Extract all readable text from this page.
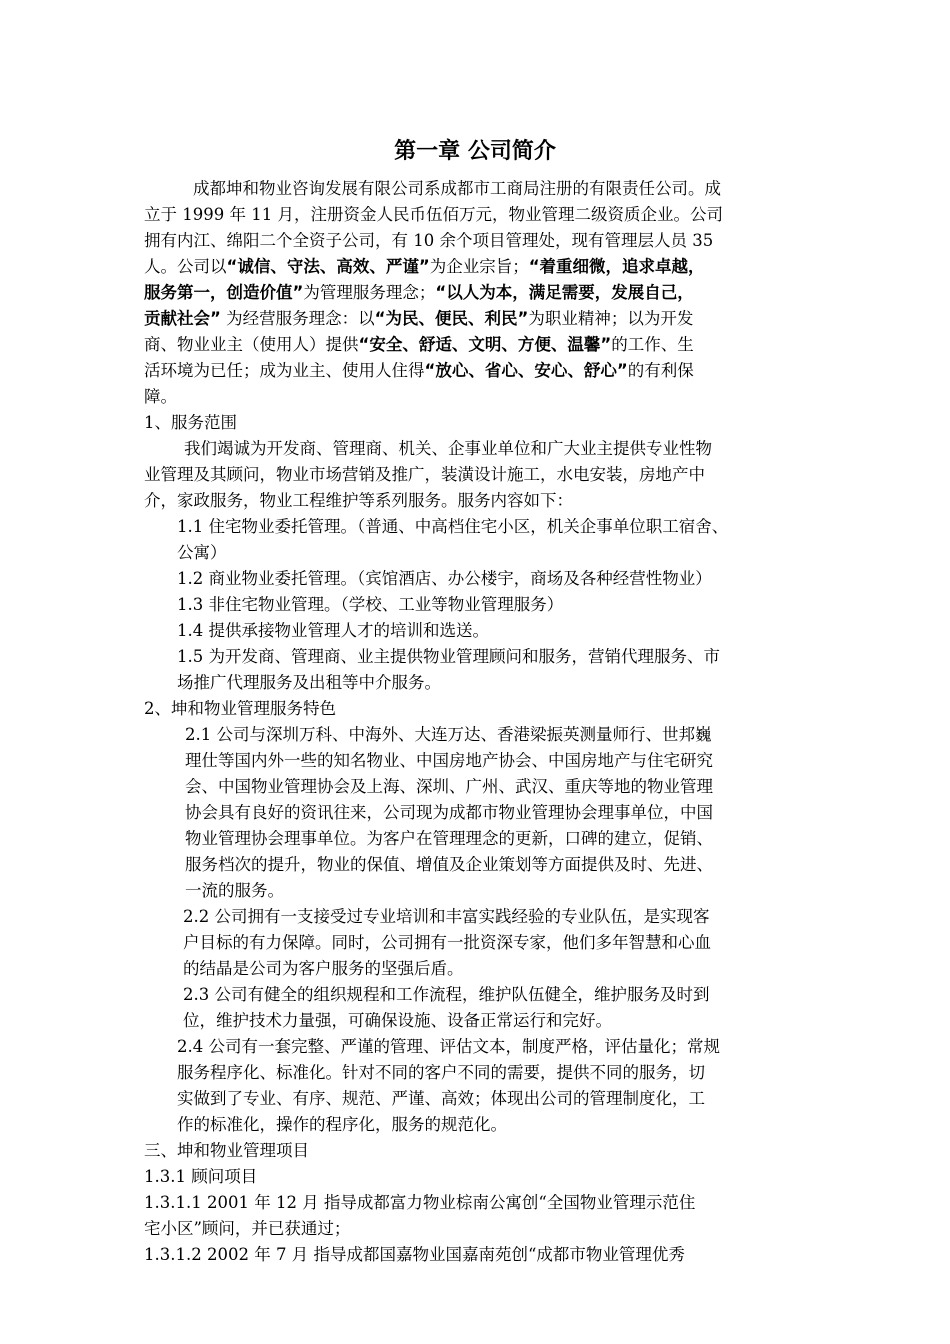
第一章 公司简介
成都坤和物业咨询发展有限公司系成都市工商局注册的有限责任公司。成
立于 1999 年 11 月，注册资金人民币伍佰万元，物业管理二级资质企业。公司
拥有内江、绵阳二个全资子公司，有 10 余个项目管理处，现有管理层人员 35
人。公司以“诚信、守法、高效、严谨”为企业宗旨；“着重细微，追求卓越，
服务第一，创造价值”为管理服务理念；“以人为本，满足需要，发展自己，
贡献社会” 为经营服务理念：以“为民、便民、利民”为职业精神；以为开发
商、物业业主（使用人）提供“安全、舒适、文明、方便、温馨”的工作、生
活环境为已任；成为业主、使用人住得“放心、省心、安心、舒心”的有利保
障。
1、服务范围
我们竭诚为开发商、管理商、机关、企事业单位和广大业主提供专业性物
业管理及其顾问，物业市场营销及推广，装潢设计施工，水电安装，房地产中
介，家政服务，物业工程维护等系列服务。服务内容如下：
1.1 住宅物业委托管理。（普通、中高档住宅小区，机关企事单位职工宿舍、
公寓）
1.2 商业物业委托管理。（宾馆酒店、办公楼宇，商场及各种经营性物业）
1.3 非住宅物业管理。（学校、工业等物业管理服务）
1.4 提供承接物业管理人才的培训和选送。
1.5 为开发商、管理商、业主提供物业管理顾问和服务，营销代理服务、市
场推广代理服务及出租等中介服务。
2、坤和物业管理服务特色
2.1 公司与深圳万科、中海外、大连万达、香港梁振英测量师行、世邦巍
理仕等国内外一些的知名物业、中国房地产协会、中国房地产与住宅研究
会、中国物业管理协会及上海、深圳、广州、武汉、重庆等地的物业管理
协会具有良好的资讯往来，公司现为成都市物业管理协会理事单位，中国
物业管理协会理事单位。为客户在管理理念的更新，口碑的建立，促销、
服务档次的提升，物业的保值、增值及企业策划等方面提供及时、先进、
一流的服务。
2.2 公司拥有一支接受过专业培训和丰富实践经验的专业队伍，是实现客
户目标的有力保障。同时，公司拥有一批资深专家，他们多年智慧和心血
的结晶是公司为客户服务的坚强后盾。
2.3 公司有健全的组织规程和工作流程，维护队伍健全，维护服务及时到
位，维护技术力量强，可确保设施、设备正常运行和完好。
2.4 公司有一套完整、严谨的管理、评估文本，制度严格，评估量化；常规
服务程序化、标准化。针对不同的客户不同的需要，提供不同的服务，切
实做到了专业、有序、规范、严谨、高效；体现出公司的管理制度化，工
作的标准化，操作的程序化，服务的规范化。
三、坤和物业管理项目
1.3.1 顾问项目
1.3.1.1 2001 年 12 月 指导成都富力物业棕南公寓创“全国物业管理示范住
宅小区”顾问，并已获通过；
1.3.1.2 2002 年 7 月 指导成都国嘉物业国嘉南苑创“成都市物业管理优秀
